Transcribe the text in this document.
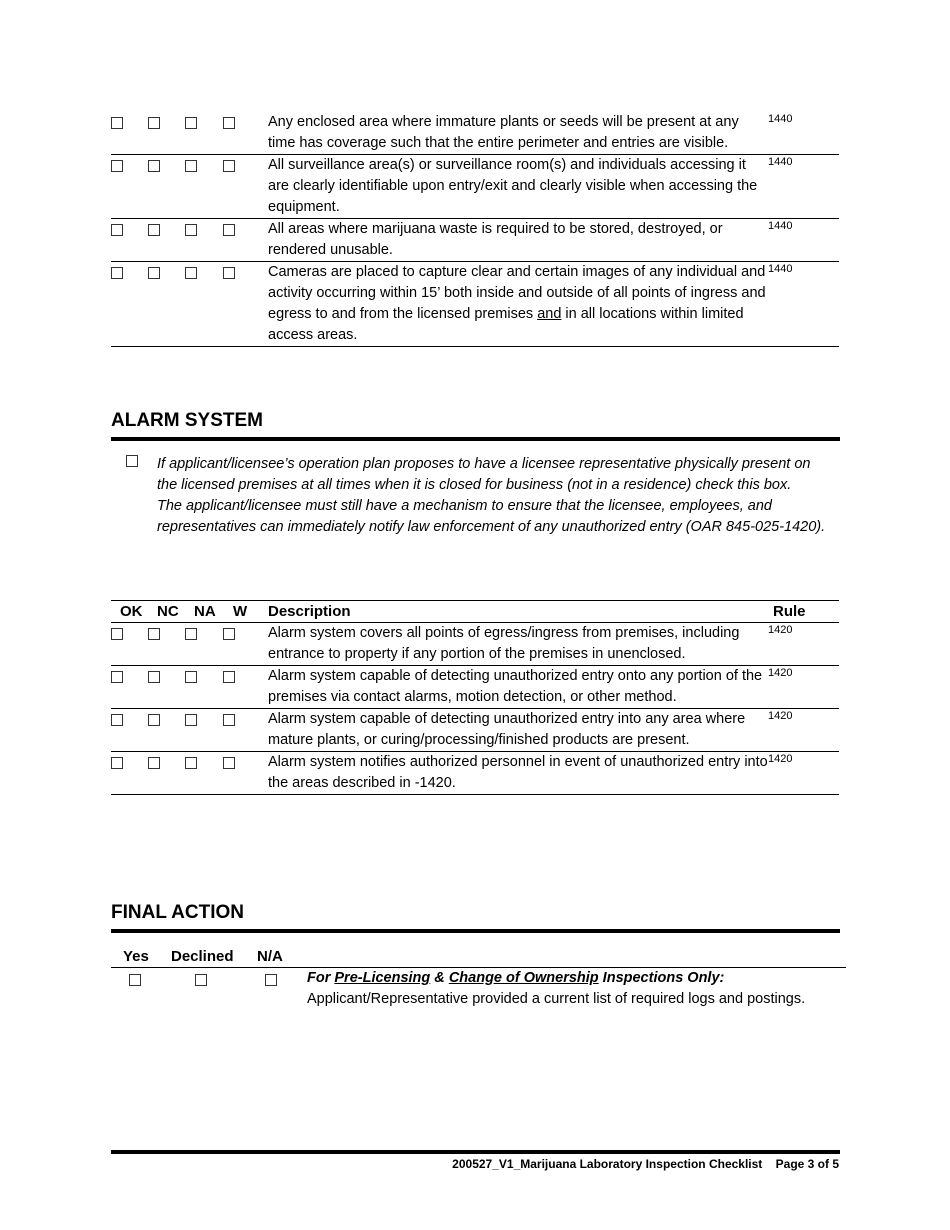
				Any enclosed area where immature plants or seeds will be present at any time has coverage such that the entire perimeter and entries are visible.	1440
				All surveillance area(s) or surveillance room(s) and individuals accessing it are clearly identifiable upon entry/exit and clearly visible when accessing the equipment.	1440
				All areas where marijuana waste is required to be stored, destroyed, or rendered unusable.	1440
				Cameras are placed to capture clear and certain images of any individual and activity occurring within 15’ both inside and outside of all points of ingress and egress to and from the licensed premises and in all locations within limited access areas.	1440
ALARM SYSTEM

If applicant/licensee’s operation plan proposes to have a licensee representative physically present on the licensed premises at all times when it is closed for business (not in a residence) check this box.

The applicant/licensee must still have a mechanism to ensure that the licensee, employees, and representatives can immediately notify law enforcement of any unauthorized entry (OAR 845-025-1420).

OK	NC	NA	W	Description	Rule
				Alarm system covers all points of egress/ingress from premises, including entrance to property if any portion of the premises in unenclosed.	1420
				Alarm system capable of detecting unauthorized entry onto any portion of the premises via contact alarms, motion detection, or other method.	1420
				Alarm system capable of detecting unauthorized entry into any area where mature plants, or curing/processing/finished products are present.	1420
				Alarm system notifies authorized personnel in event of unauthorized entry into the areas described in -1420.	1420
FINAL ACTION
Yes Declined N/A
For Pre-Licensing & Change of Ownership Inspections Only:
Applicant/Representative provided a current list of required logs and postings.
200527_V1_Marijuana Laboratory Inspection Checklist Page 3 of 5
